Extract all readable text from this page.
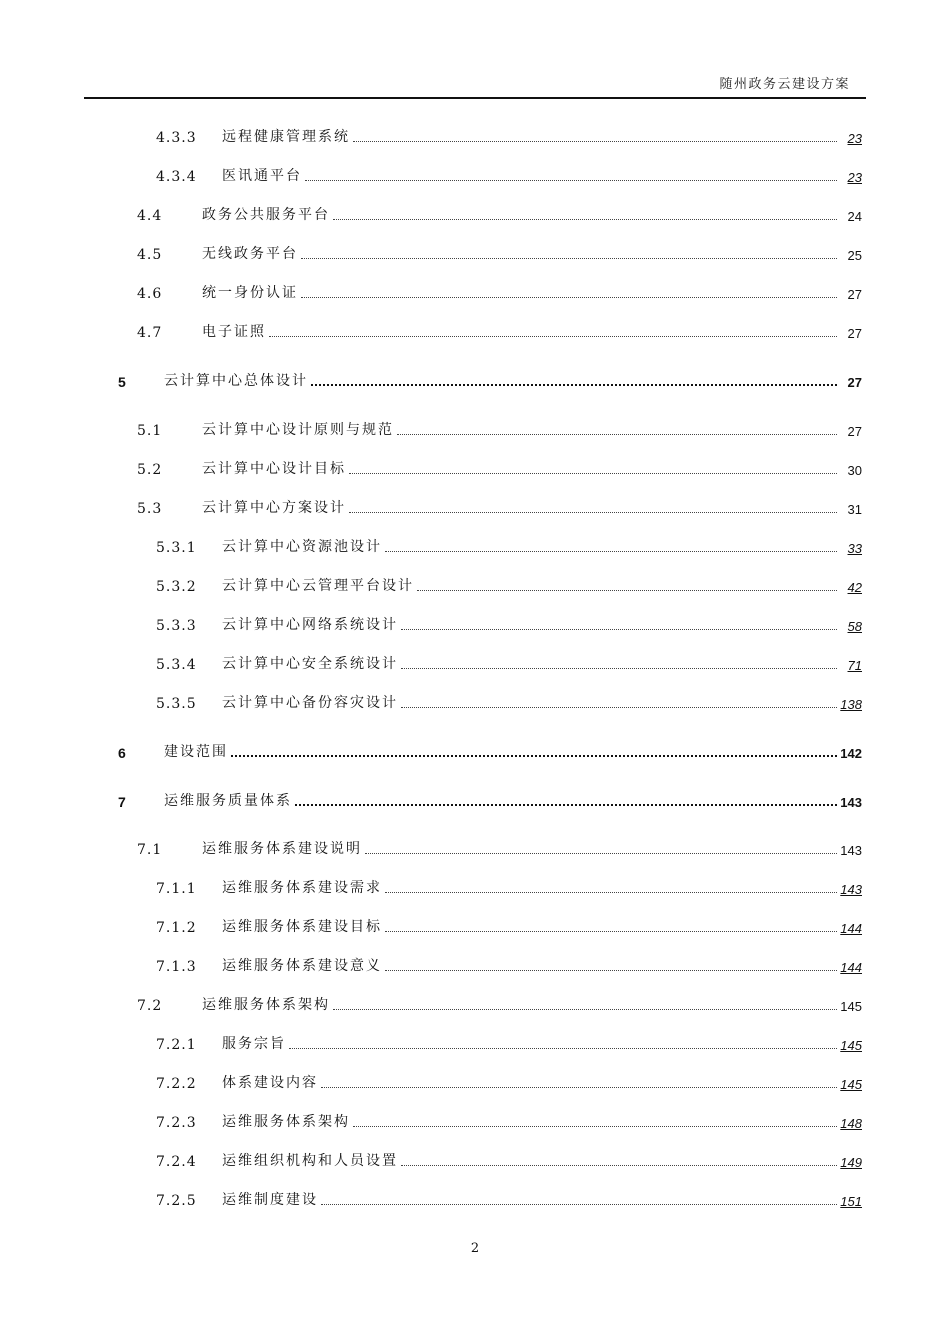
随州政务云建设方案
4.3.3 远程健康管理系统	23
4.3.4 医讯通平台	23
4.4	政务公共服务平台	24
4.5	无线政务平台	25
4.6	统一身份认证	27
4.7	电子证照	27
5	云计算中心总体设计	27
5.1	云计算中心设计原则与规范	27
5.2	云计算中心设计目标	30
5.3	云计算中心方案设计	31
5.3.1 云计算中心资源池设计	33
5.3.2 云计算中心云管理平台设计	42
5.3.3 云计算中心网络系统设计	58
5.3.4 云计算中心安全系统设计	71
5.3.5 云计算中心备份容灾设计	138
6	建设范围	142
7	运维服务质量体系	143
7.1	运维服务体系建设说明	143
7.1.1 运维服务体系建设需求	143
7.1.2 运维服务体系建设目标	144
7.1.3 运维服务体系建设意义	144
7.2	运维服务体系架构	145
7.2.1 服务宗旨	145
7.2.2 体系建设内容	145
7.2.3 运维服务体系架构	148
7.2.4 运维组织机构和人员设置	149
7.2.5 运维制度建设	151
2
